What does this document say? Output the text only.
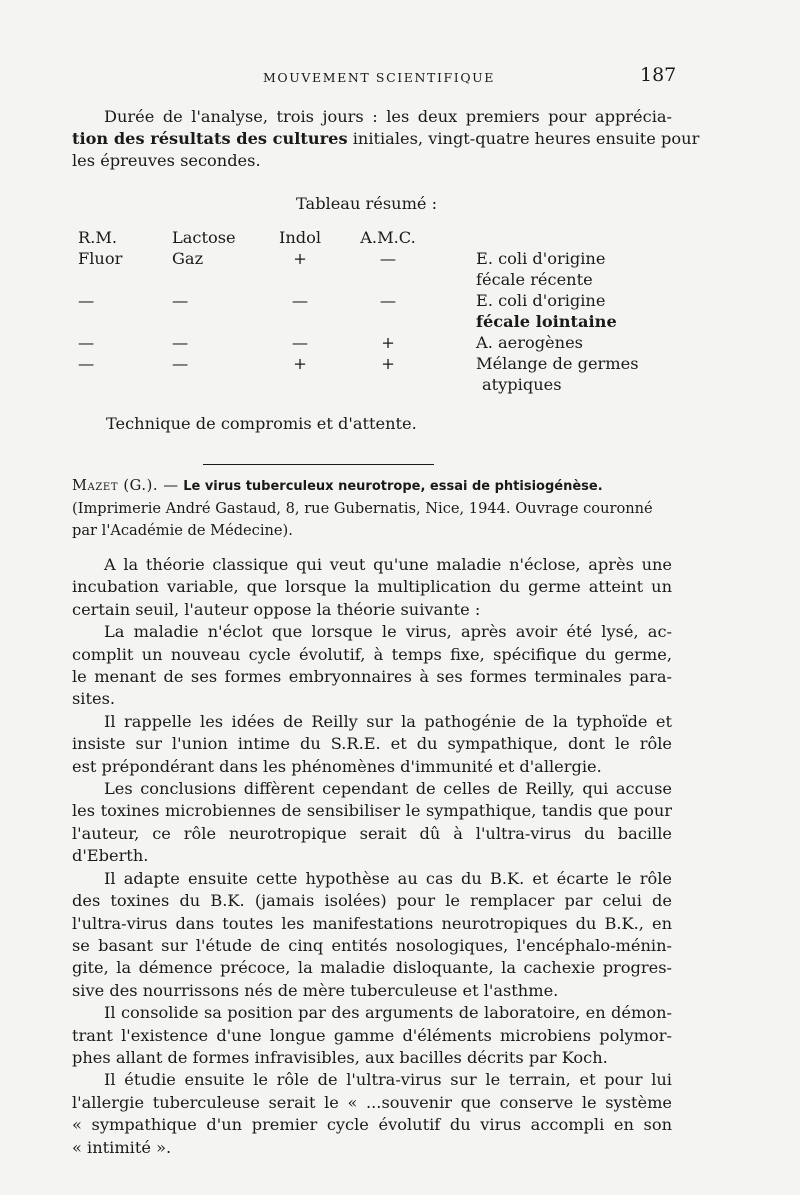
MOUVEMENT SCIENTIFIQUE	187
Durée de l'analyse, trois jours : les deux premiers pour apprécia-
tion des résultats des cultures initiales, vingt-quatre heures ensuite pour
les épreuves secondes.
Tableau résumé :
R.M.	Lactose	Indol	A.M.C.
Fluor	Gaz	+	—	E. coli d'origine
fécale récente
—	—	—	—	E. coli d'origine
fécale lointaine
—	—	—	+	A. aerogènes
—	—	+	+	Mélange de germes
atypiques
Technique de compromis et d'attente.
Mazet (G.). — Le virus tuberculeux neurotrope, essai de phtisiogénèse.
(Imprimerie André Gastaud, 8, rue Gubernatis, Nice, 1944. Ouvrage couronné
par l'Académie de Médecine).
A la théorie classique qui veut qu'une maladie n'éclose, après une
incubation variable, que lorsque la multiplication du germe atteint un
certain seuil, l'auteur oppose la théorie suivante :
La maladie n'éclot que lorsque le virus, après avoir été lysé, ac-
complit un nouveau cycle évolutif, à temps fixe, spécifique du germe,
le menant de ses formes embryonnaires à ses formes terminales para-
sites.
Il rappelle les idées de Reilly sur la pathogénie de la typhoïde et
insiste sur l'union intime du S.R.E. et du sympathique, dont le rôle
est prépondérant dans les phénomènes d'immunité et d'allergie.
Les conclusions diffèrent cependant de celles de Reilly, qui accuse
les toxines microbiennes de sensibiliser le sympathique, tandis que pour
l'auteur, ce rôle neurotropique serait dû à l'ultra-virus du bacille
d'Eberth.
Il adapte ensuite cette hypothèse au cas du B.K. et écarte le rôle
des toxines du B.K. (jamais isolées) pour le remplacer par celui de
l'ultra-virus dans toutes les manifestations neurotropiques du B.K., en
se basant sur l'étude de cinq entités nosologiques, l'encéphalo-ménin-
gite, la démence précoce, la maladie disloquante, la cachexie progres-
sive des nourrissons nés de mère tuberculeuse et l'asthme.
Il consolide sa position par des arguments de laboratoire, en démon-
trant l'existence d'une longue gamme d'éléments microbiens polymor-
phes allant de formes infravisibles, aux bacilles décrits par Koch.
Il étudie ensuite le rôle de l'ultra-virus sur le terrain, et pour lui
l'allergie tuberculeuse serait le « ...souvenir que conserve le système
« sympathique d'un premier cycle évolutif du virus accompli en son
« intimité ».
